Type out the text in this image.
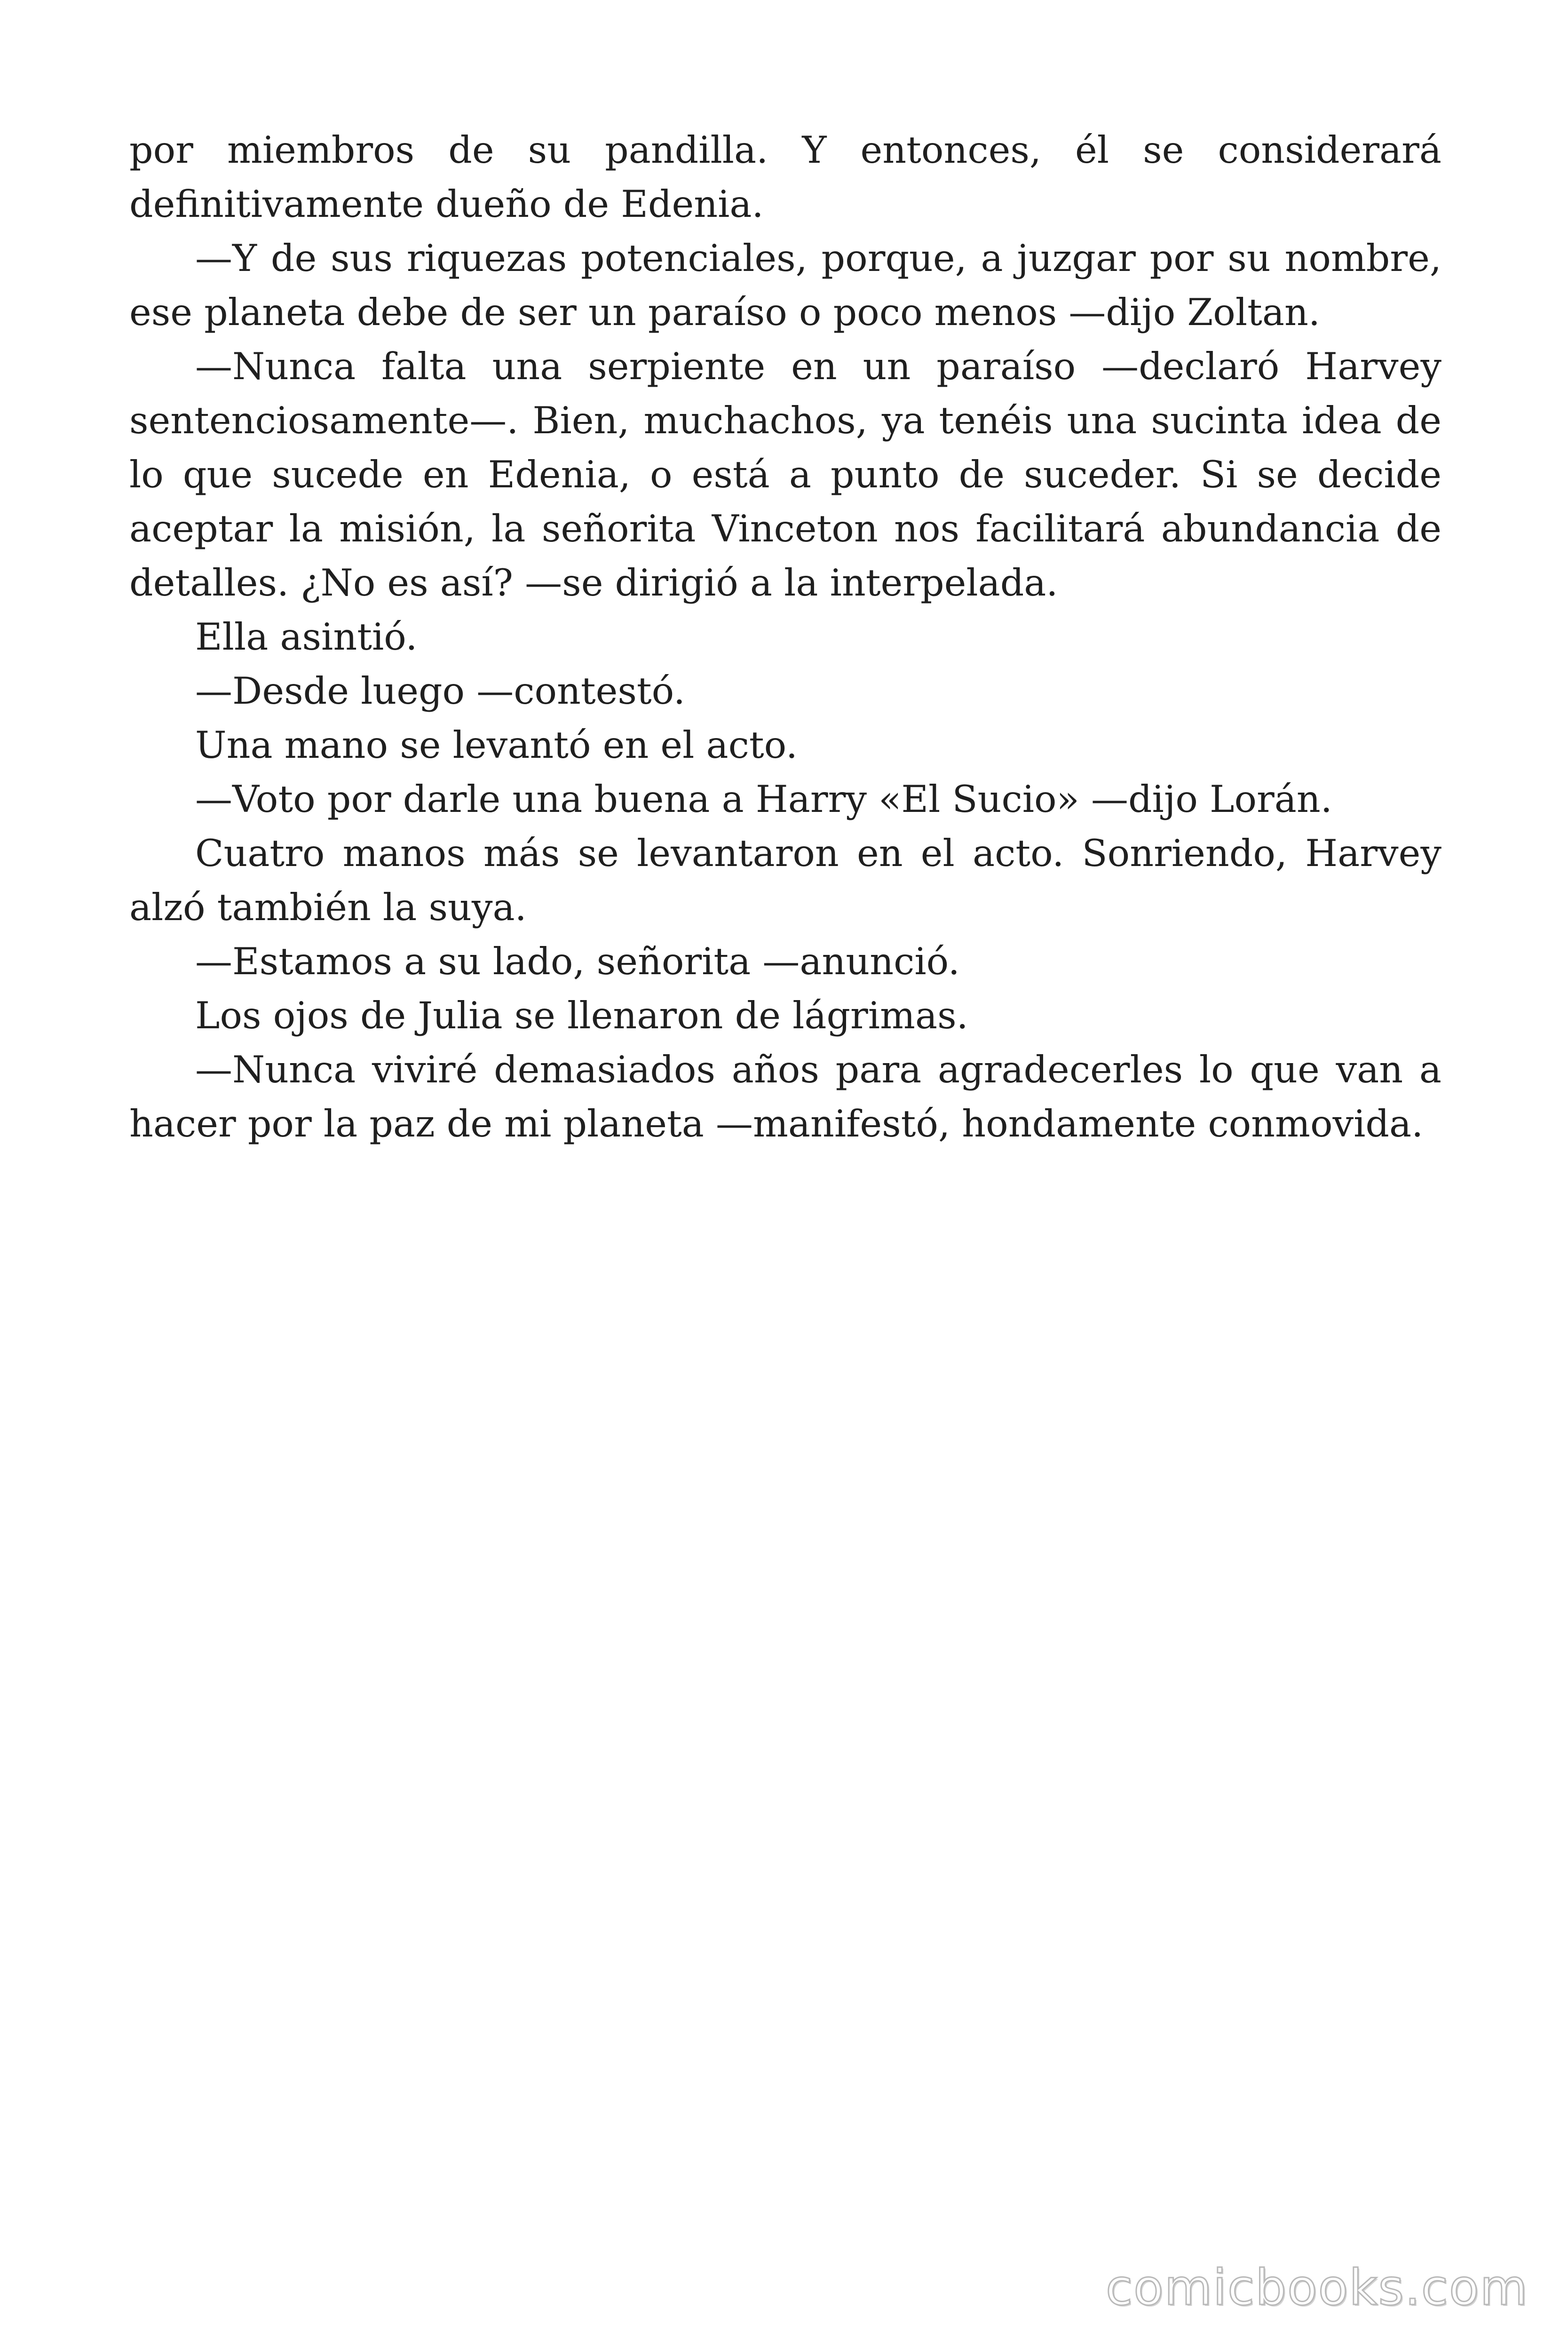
por miembros de su pandilla. Y entonces, él se considerará definitivamente dueño de Edenia.

—Y de sus riquezas potenciales, porque, a juzgar por su nombre, ese planeta debe de ser un paraíso o poco menos —dijo Zoltan.

—Nunca falta una serpiente en un paraíso —declaró Harvey sentenciosamente—. Bien, muchachos, ya tenéis una sucinta idea de lo que sucede en Edenia, o está a punto de suceder. Si se decide aceptar la misión, la señorita Vinceton nos facilitará abundancia de detalles. ¿No es así? —se dirigió a la interpelada.

Ella asintió.

—Desde luego —contestó.

Una mano se levantó en el acto.

—Voto por darle una buena a Harry «El Sucio» —dijo Lorán.

Cuatro manos más se levantaron en el acto. Sonriendo, Harvey alzó también la suya.

—Estamos a su lado, señorita —anunció.

Los ojos de Julia se llenaron de lágrimas.

—Nunca viviré demasiados años para agradecerles lo que van a hacer por la paz de mi planeta —manifestó, hondamente conmovida.

comicbooks.com
